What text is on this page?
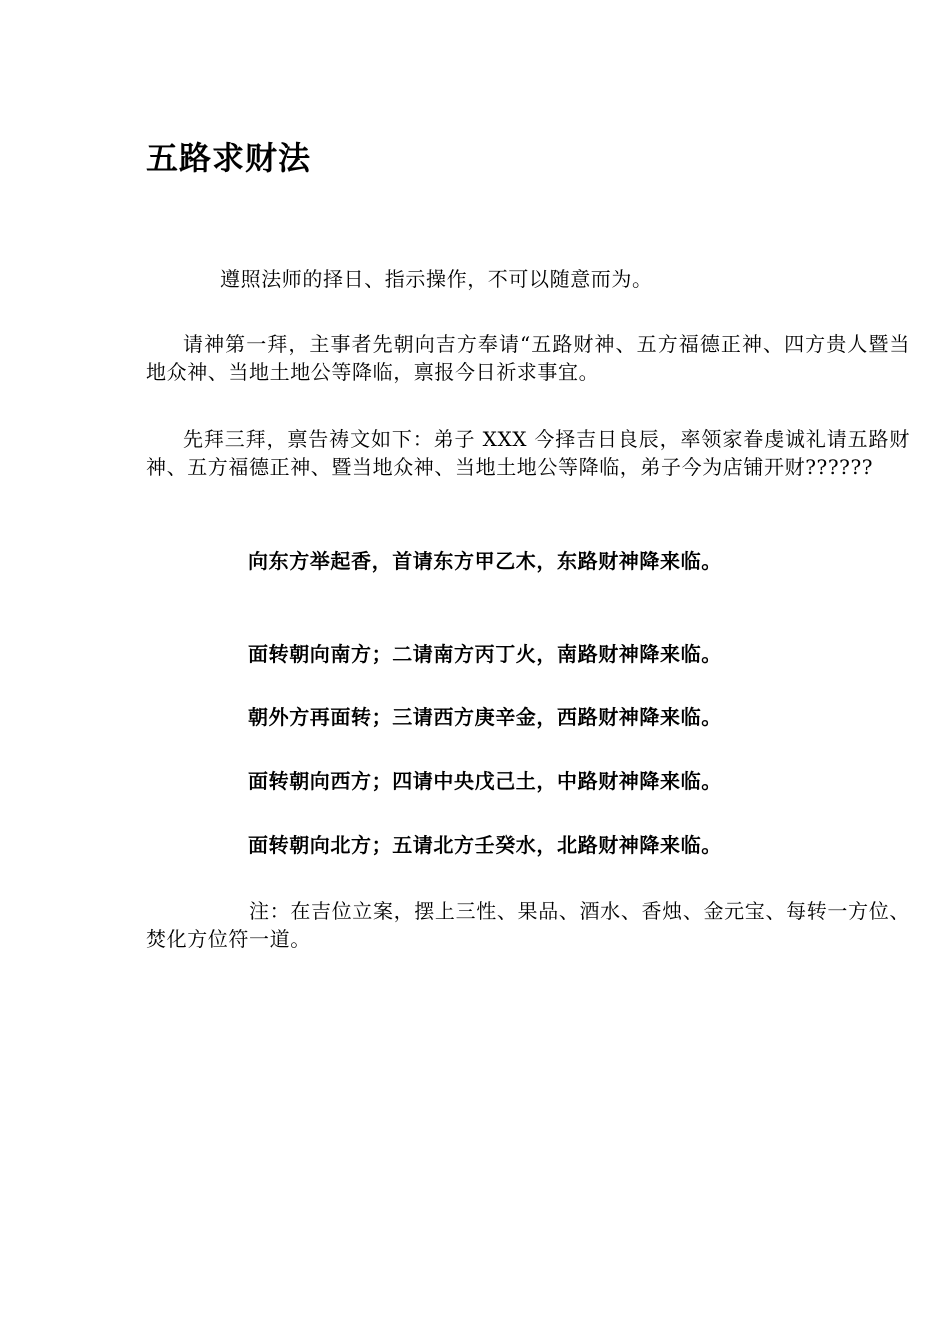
五路求财法

遵照法师的择日、指示操作，不可以随意而为。

请神第一拜，主事者先朝向吉方奉请“五路财神、五方福德正神、四方贵人暨当地众神、当地土地公等降临，禀报今日祈求事宜。

先拜三拜，禀告祷文如下：弟子 XXX 今择吉日良辰，率领家眷虔诚礼请五路财神、五方福德正神、暨当地众神、当地土地公等降临，弟子今为店铺开财??????

向东方举起香，首请东方甲乙木，东路财神降来临。

面转朝向南方；二请南方丙丁火，南路财神降来临。

朝外方再面转；三请西方庚辛金，西路财神降来临。

面转朝向西方；四请中央戊己土，中路财神降来临。

面转朝向北方；五请北方壬癸水，北路财神降来临。

注：在吉位立案，摆上三性、果品、酒水、香烛、金元宝、每转一方位、焚化方位符一道。
